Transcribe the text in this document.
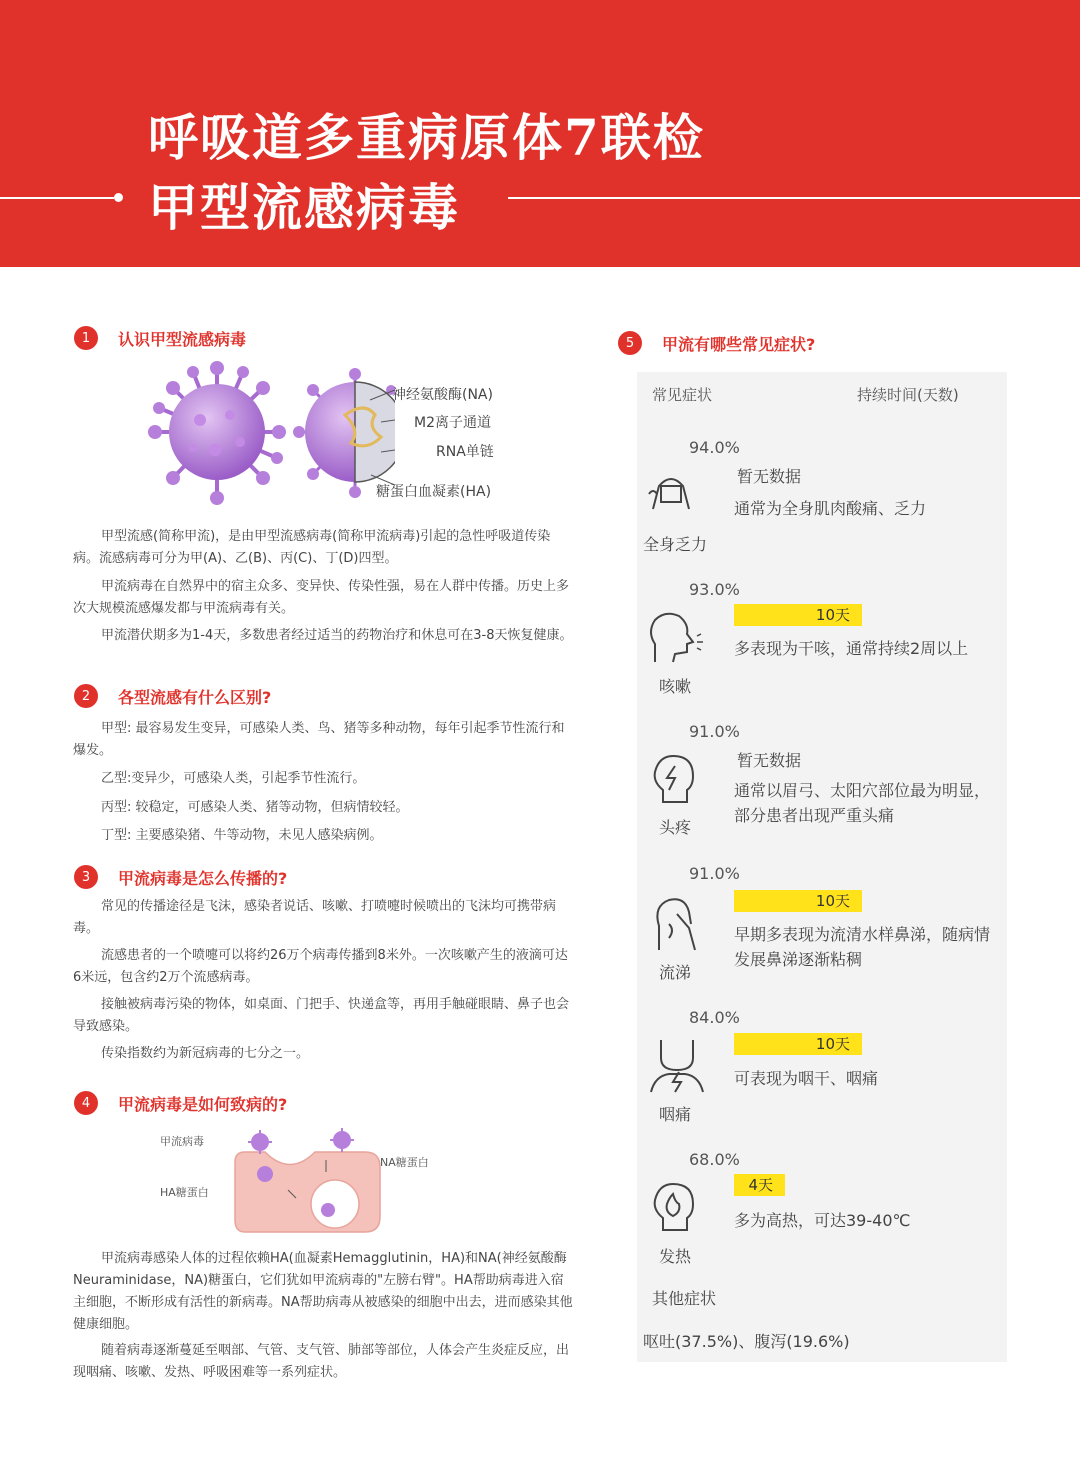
呼吸道多重病原体7联检
甲型流感病毒
1	认识甲型流感病毒
神经氨酸酶(NA)
M2离子通道
RNA单链
糖蛋白血凝素(HA)

甲型流感(简称甲流)，是由甲型流感病毒(简称甲流病毒)引起的急性呼吸道传染病。流感病毒可分为甲(A)、乙(B)、丙(C)、丁(D)四型。

甲流病毒在自然界中的宿主众多、变异快、传染性强，易在人群中传播。历史上多次大规模流感爆发都与甲流病毒有关。

甲流潜伏期多为1-4天，多数患者经过适当的药物治疗和休息可在3-8天恢复健康。

2	各型流感有什么区别?

甲型: 最容易发生变异，可感染人类、鸟、猪等多种动物，每年引起季节性流行和爆发。

乙型:变异少，可感染人类，引起季节性流行。

丙型: 较稳定，可感染人类、猪等动物，但病情较轻。

丁型: 主要感染猪、牛等动物，未见人感染病例。

3	甲流病毒是怎么传播的?

常见的传播途径是飞沫，感染者说话、咳嗽、打喷嚏时候喷出的飞沫均可携带病毒。

流感患者的一个喷嚏可以将约26万个病毒传播到8米外。一次咳嗽产生的液滴可达6米远，包含约2万个流感病毒。

接触被病毒污染的物体，如桌面、门把手、快递盒等，再用手触碰眼睛、鼻子也会导致感染。

传染指数约为新冠病毒的七分之一。

4	甲流病毒是如何致病的?
甲流病毒
HA糖蛋白
NA糖蛋白

甲流病毒感染人体的过程依赖HA(血凝素Hemagglutinin，HA)和NA(神经氨酸酶Neuraminidase，NA)糖蛋白，它们犹如甲流病毒的"左膀右臂"。HA帮助病毒进入宿主细胞，不断形成有活性的新病毒。NA帮助病毒从被感染的细胞中出去，进而感染其他健康细胞。

随着病毒逐渐蔓延至咽部、气管、支气管、肺部等部位，人体会产生炎症反应，出现咽痛、咳嗽、发热、呼吸困难等一系列症状。

5	甲流有哪些常见症状?
常见症状	持续时间(天数)
94.0%
暂无数据
通常为全身肌肉酸痛、乏力
全身乏力
93.0%
10天
多表现为干咳，通常持续2周以上
咳嗽
91.0%
暂无数据
通常以眉弓、太阳穴部位最为明显，部分患者出现严重头痛
头疼
91.0%
10天
早期多表现为流清水样鼻涕，随病情发展鼻涕逐渐粘稠
流涕
84.0%
10天
可表现为咽干、咽痛
咽痛
68.0%
4天
多为高热，可达39-40℃
发热
其他症状
呕吐(37.5%)、腹泻(19.6%)
